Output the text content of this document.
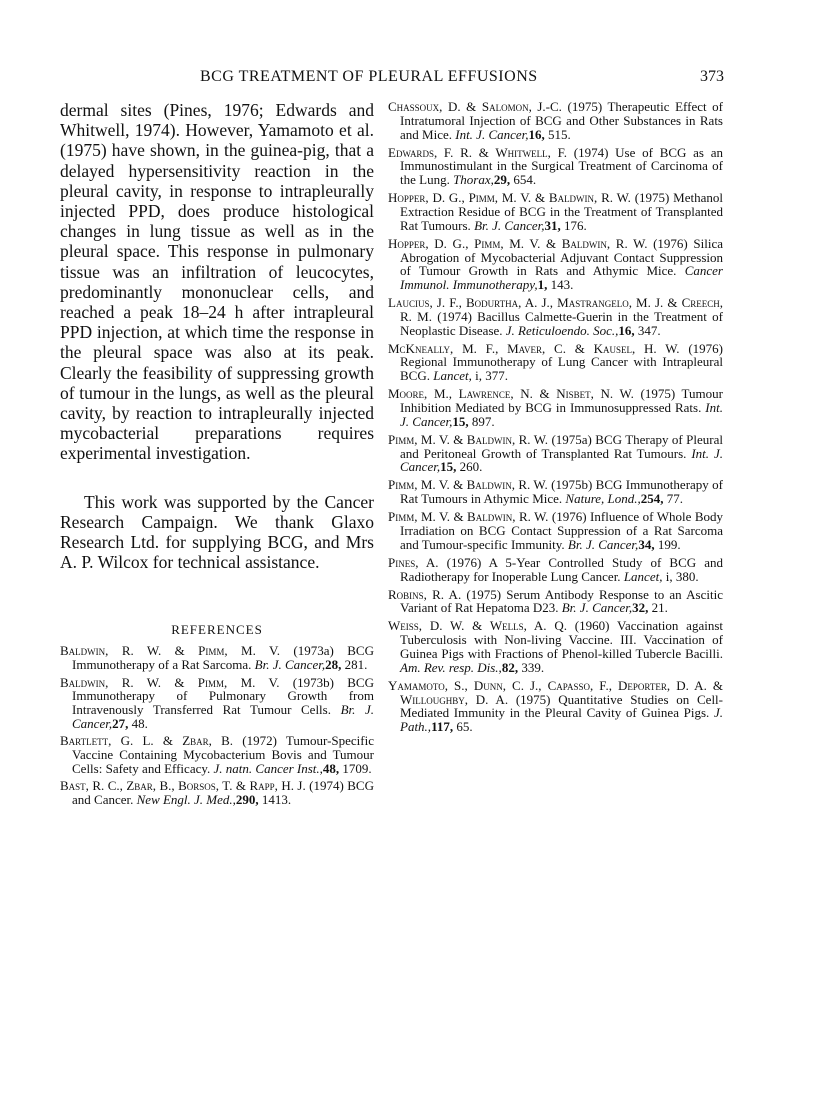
BCG TREATMENT OF PLEURAL EFFUSIONS	373

dermal sites (Pines, 1976; Edwards and Whitwell, 1974). However, Yamamoto et al. (1975) have shown, in the guinea-pig, that a delayed hypersensitivity reaction in the pleural cavity, in response to intrapleurally injected PPD, does produce histological changes in lung tissue as well as in the pleural space. This response in pulmonary tissue was an infiltration of leucocytes, predominantly mononuclear cells, and reached a peak 18–24 h after intrapleural PPD injection, at which time the response in the pleural space was also at its peak. Clearly the feasibility of suppressing growth of tumour in the lungs, as well as the pleural cavity, by reaction to intrapleurally injected mycobacterial preparations requires experimental investigation.

This work was supported by the Cancer Research Campaign. We thank Glaxo Research Ltd. for supplying BCG, and Mrs A. P. Wilcox for technical assistance.

REFERENCES

Baldwin, R. W. & Pimm, M. V. (1973a) BCG Immunotherapy of a Rat Sarcoma. Br. J. Cancer,28, 281.

Baldwin, R. W. & Pimm, M. V. (1973b) BCG Immunotherapy of Pulmonary Growth from Intravenously Transferred Rat Tumour Cells. Br. J. Cancer,27, 48.

Bartlett, G. L. & Zbar, B. (1972) Tumour-Specific Vaccine Containing Mycobacterium Bovis and Tumour Cells: Safety and Efficacy. J. natn. Cancer Inst.,48, 1709.

Bast, R. C., Zbar, B., Borsos, T. & Rapp, H. J. (1974) BCG and Cancer. New Engl. J. Med.,290, 1413.

Chassoux, D. & Salomon, J.-C. (1975) Therapeutic Effect of Intratumoral Injection of BCG and Other Substances in Rats and Mice. Int. J. Cancer,16, 515.

Edwards, F. R. & Whitwell, F. (1974) Use of BCG as an Immunostimulant in the Surgical Treatment of Carcinoma of the Lung. Thorax,29, 654.

Hopper, D. G., Pimm, M. V. & Baldwin, R. W. (1975) Methanol Extraction Residue of BCG in the Treatment of Transplanted Rat Tumours. Br. J. Cancer,31, 176.

Hopper, D. G., Pimm, M. V. & Baldwin, R. W. (1976) Silica Abrogation of Mycobacterial Adjuvant Contact Suppression of Tumour Growth in Rats and Athymic Mice. Cancer Immunol. Immunotherapy,1, 143.

Laucius, J. F., Bodurtha, A. J., Mastrangelo, M. J. & Creech, R. M. (1974) Bacillus Calmette-Guerin in the Treatment of Neoplastic Disease. J. Reticuloendo. Soc.,16, 347.

McKneally, M. F., Maver, C. & Kausel, H. W. (1976) Regional Immunotherapy of Lung Cancer with Intrapleural BCG. Lancet, i, 377.

Moore, M., Lawrence, N. & Nisbet, N. W. (1975) Tumour Inhibition Mediated by BCG in Immunosuppressed Rats. Int. J. Cancer,15, 897.

Pimm, M. V. & Baldwin, R. W. (1975a) BCG Therapy of Pleural and Peritoneal Growth of Transplanted Rat Tumours. Int. J. Cancer,15, 260.

Pimm, M. V. & Baldwin, R. W. (1975b) BCG Immunotherapy of Rat Tumours in Athymic Mice. Nature, Lond.,254, 77.

Pimm, M. V. & Baldwin, R. W. (1976) Influence of Whole Body Irradiation on BCG Contact Suppression of a Rat Sarcoma and Tumour-specific Immunity. Br. J. Cancer,34, 199.

Pines, A. (1976) A 5-Year Controlled Study of BCG and Radiotherapy for Inoperable Lung Cancer. Lancet, i, 380.

Robins, R. A. (1975) Serum Antibody Response to an Ascitic Variant of Rat Hepatoma D23. Br. J. Cancer,32, 21.

Weiss, D. W. & Wells, A. Q. (1960) Vaccination against Tuberculosis with Non-living Vaccine. III. Vaccination of Guinea Pigs with Fractions of Phenol-killed Tubercle Bacilli. Am. Rev. resp. Dis.,82, 339.

Yamamoto, S., Dunn, C. J., Capasso, F., Deporter, D. A. & Willoughby, D. A. (1975) Quantitative Studies on Cell-Mediated Immunity in the Pleural Cavity of Guinea Pigs. J. Path.,117, 65.
